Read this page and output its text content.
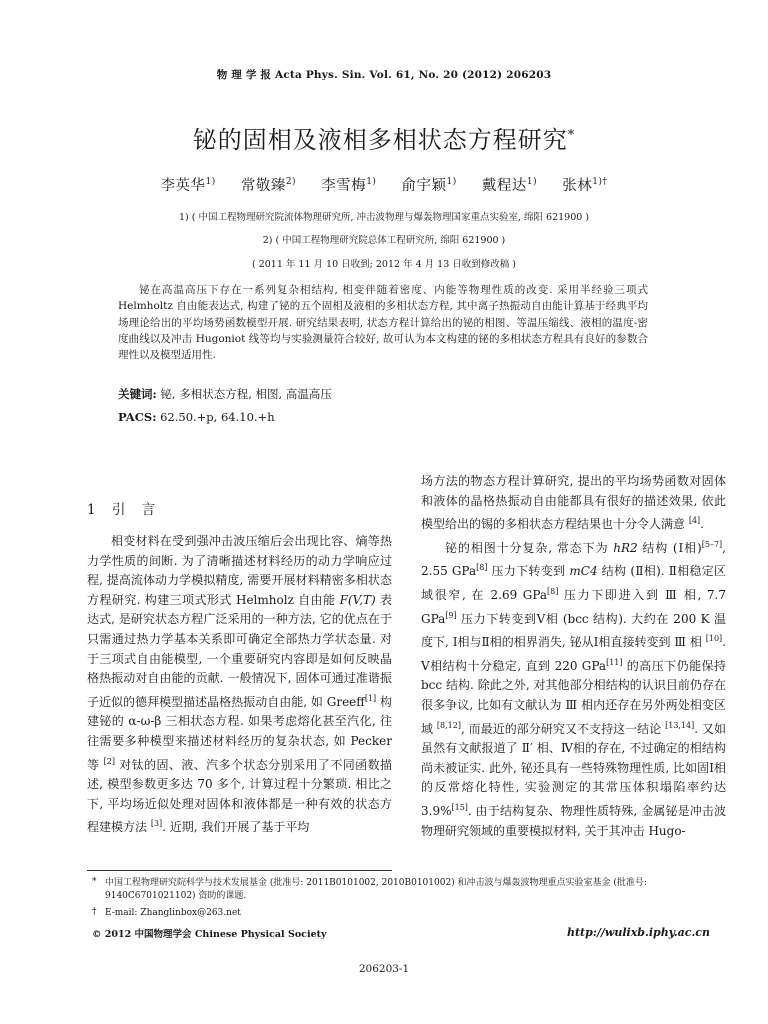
物 理 学 报 Acta Phys. Sin. Vol. 61, No. 20 (2012) 206203
铋的固相及液相多相状态方程研究*
李英华$^{1)}$ 常敬臻$^{2)}$ 李雪梅$^{1)}$ 俞宇颖$^{1)}$ 戴程达$^{1)}$ 张林$^{1)\dagger}$
1) ( 中国工程物理研究院流体物理研究所, 冲击波物理与爆轰物理国家重点实验室, 绵阳 621900 )
2) ( 中国工程物理研究院总体工程研究所, 绵阳 621900 )
( 2011 年 11 月 10 日收到; 2012 年 4 月 13 日收到修改稿 )
铋在高温高压下存在一系列复杂相结构, 相变伴随着密度、内能等物理性质的改变. 采用半经验三项式 Helmholtz 自由能表达式, 构建了铋的五个固相及液相的多相状态方程, 其中离子热振动自由能计算基于经典平均场理论给出的平均场势函数模型开展. 研究结果表明, 状态方程计算给出的铋的相图、等温压缩线、液相的温度-密度曲线以及冲击 Hugoniot 线等均与实验测量符合较好, 故可认为本文构建的铋的多相状态方程具有良好的参数合理性以及模型适用性.
关键词: 铋, 多相状态方程, 相图, 高温高压
PACS: 62.50.+p, 64.10.+h
1 引 言

相变材料在受到强冲击波压缩后会出现比容、熵等热力学性质的间断. 为了清晰描述材料经历的动力学响应过程, 提高流体动力学模拟精度, 需要开展材料精密多相状态方程研究. 构建三项式形式 Helmholz 自由能 F(V,T) 表达式, 是研究状态方程广泛采用的一种方法, 它的优点在于只需通过热力学基本关系即可确定全部热力学状态量. 对于三项式自由能模型, 一个重要研究内容即是如何反映晶格热振动对自由能的贡献. 一般情况下, 固体可通过准谐振子近似的德拜模型描述晶格热振动自由能, 如 Greeff[1] 构建铋的 α-ω-β 三相状态方程. 如果考虑熔化甚至汽化, 往往需要多种模型来描述材料经历的复杂状态, 如 Pecker 等 [2] 对钛的固、液、汽多个状态分别采用了不同函数描述, 模型参数更多达 70 多个, 计算过程十分繁琐. 相比之下, 平均场近似处理对固体和液体都是一种有效的状态方程建模方法 [3]. 近期, 我们开展了基于平均

场方法的物态方程计算研究, 提出的平均场势函数对固体和液体的晶格热振动自由能都具有很好的描述效果, 依此模型给出的锡的多相状态方程结果也十分令人满意 [4].

铋的相图十分复杂, 常态下为 hR2 结构 (Ⅰ相)[5–7], 2.55 GPa[8] 压力下转变到 mC4 结构 (Ⅱ相). Ⅱ相稳定区域很窄, 在 2.69 GPa[8] 压力下即进入到 Ⅲ 相, 7.7 GPa[9] 压力下转变到Ⅴ相 (bcc 结构). 大约在 200 K 温度下, Ⅰ相与Ⅱ相的相界消失, 铋从Ⅰ相直接转变到 Ⅲ 相 [10]. Ⅴ相结构十分稳定, 直到 220 GPa[11] 的高压下仍能保持 bcc 结构. 除此之外, 对其他部分相结构的认识目前仍存在很多争议, 比如有文献认为 Ⅲ 相内还存在另外两处相变区域 [8,12], 而最近的部分研究又不支持这一结论 [13,14]. 又如虽然有文献报道了 Ⅱ′ 相、Ⅳ相的存在, 不过确定的相结构尚未被证实. 此外, 铋还具有一些特殊物理性质, 比如固Ⅰ相的反常熔化特性, 实验测定的其常压体积塌陷率约达 3.9%[15]. 由于结构复杂、物理性质特殊, 金属铋是冲击波物理研究领域的重要模拟材料, 关于其冲击 Hugo-

* 中国工程物理研究院科学与技术发展基金 (批准号: 2011B0101002, 2010B0101002) 和冲击波与爆轰波物理重点实验室基金 (批准号: 9140C6701021102) 资助的课题.
† E-mail: Zhanglinbox@263.net
© 2012 中国物理学会 Chinese Physical Society	http://wulixb.iphy.ac.cn
206203-1
